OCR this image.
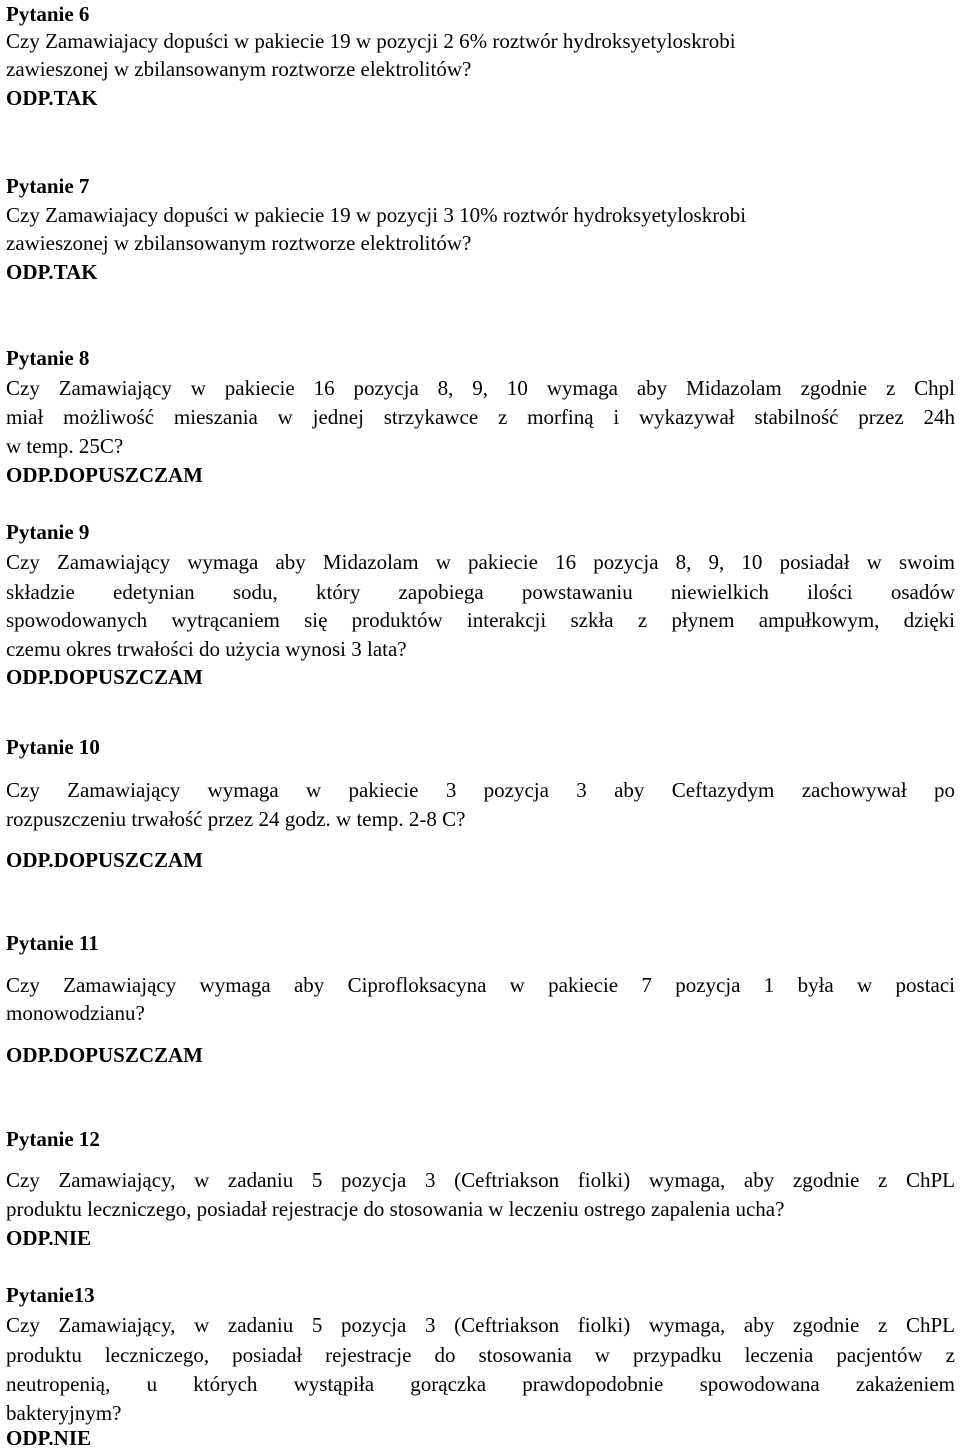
Pytanie 6
Czy Zamawiajacy dopuści w pakiecie 19 w pozycji 2 6% roztwór hydroksyetyloskrobi
zawieszonej w zbilansowanym roztworze elektrolitów?
ODP.TAK
Pytanie 7
Czy Zamawiajacy dopuści w pakiecie 19 w pozycji 3 10% roztwór hydroksyetyloskrobi
zawieszonej w zbilansowanym roztworze elektrolitów?
ODP.TAK
Pytanie 8
Czy Zamawiający w pakiecie 16 pozycja 8, 9, 10 wymaga aby Midazolam zgodnie z Chpl
miał możliwość mieszania w jednej strzykawce z morfiną i wykazywał stabilność przez 24h
w temp. 25C?
ODP.DOPUSZCZAM
Pytanie 9
Czy Zamawiający wymaga aby Midazolam w pakiecie 16 pozycja 8, 9, 10 posiadał w swoim
składzie edetynian sodu, który zapobiega powstawaniu niewielkich ilości osadów
spowodowanych wytrącaniem się produktów interakcji szkła z płynem ampułkowym, dzięki
czemu okres trwałości do użycia wynosi 3 lata?
ODP.DOPUSZCZAM
Pytanie 10
Czy Zamawiający wymaga w pakiecie 3 pozycja 3 aby Ceftazydym zachowywał po
rozpuszczeniu trwałość przez 24 godz. w temp. 2-8 C?
ODP.DOPUSZCZAM
Pytanie 11
Czy Zamawiający wymaga aby Ciprofloksacyna w pakiecie 7 pozycja 1 była w postaci
monowodzianu?
ODP.DOPUSZCZAM
Pytanie 12
Czy Zamawiający, w zadaniu 5 pozycja 3 (Ceftriakson fiolki) wymaga, aby zgodnie z ChPL
produktu leczniczego, posiadał rejestracje do stosowania w leczeniu ostrego zapalenia ucha?
ODP.NIE
Pytanie13
Czy Zamawiający, w zadaniu 5 pozycja 3 (Ceftriakson fiolki) wymaga, aby zgodnie z ChPL
produktu leczniczego, posiadał rejestracje do stosowania w przypadku leczenia pacjentów z
neutropenią, u których wystąpiła gorączka prawdopodobnie spowodowana zakażeniem
bakteryjnym?
ODP.NIE
